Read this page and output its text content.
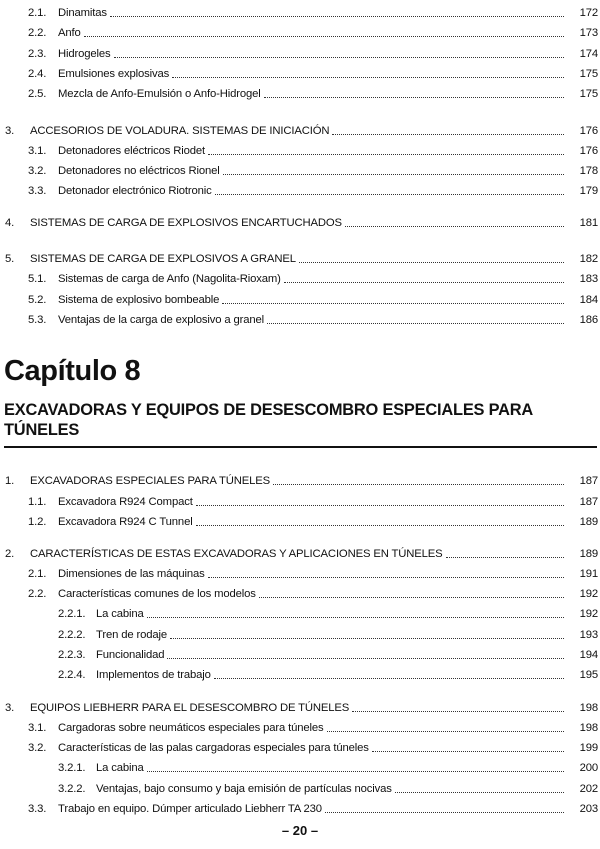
2.1.	Dinamitas	172
2.2.	Anfo	173
2.3.	Hidrogeles	174
2.4.	Emulsiones explosivas	175
2.5.	Mezcla de Anfo-Emulsión o Anfo-Hidrogel	175
3.	ACCESORIOS DE VOLADURA. SISTEMAS DE INICIACIÓN	176
3.1.	Detonadores eléctricos Riodet	176
3.2.	Detonadores no eléctricos Rionel	178
3.3.	Detonador electrónico Riotronic	179
4.	SISTEMAS DE CARGA DE EXPLOSIVOS ENCARTUCHADOS	181
5.	SISTEMAS DE CARGA DE EXPLOSIVOS A GRANEL	182
5.1.	Sistemas de carga de Anfo (Nagolita-Rioxam)	183
5.2.	Sistema de explosivo bombeable	184
5.3.	Ventajas de la carga de explosivo a granel	186
Capítulo 8
EXCAVADORAS Y EQUIPOS DE DESESCOMBRO ESPECIALES PARA TÚNELES
1.	EXCAVADORAS ESPECIALES PARA TÚNELES	187
1.1.	Excavadora R924 Compact	187
1.2.	Excavadora R924 C Tunnel	189
2.	CARACTERÍSTICAS DE ESTAS EXCAVADORAS Y APLICACIONES EN TÚNELES	189
2.1.	Dimensiones de las máquinas	191
2.2.	Características comunes de los modelos	192
2.2.1. La cabina	192
2.2.2. Tren de rodaje	193
2.2.3. Funcionalidad	194
2.2.4. Implementos de trabajo	195
3.	EQUIPOS LIEBHERR PARA EL DESESCOMBRO DE TÚNELES	198
3.1.	Cargadoras sobre neumáticos especiales para túneles	198
3.2.	Características de las palas cargadoras especiales para túneles	199
3.2.1. La cabina	200
3.2.2. Ventajas, bajo consumo y baja emisión de partículas nocivas	202
3.3.	Trabajo en equipo. Dúmper articulado Liebherr TA 230	203
– 20 –
